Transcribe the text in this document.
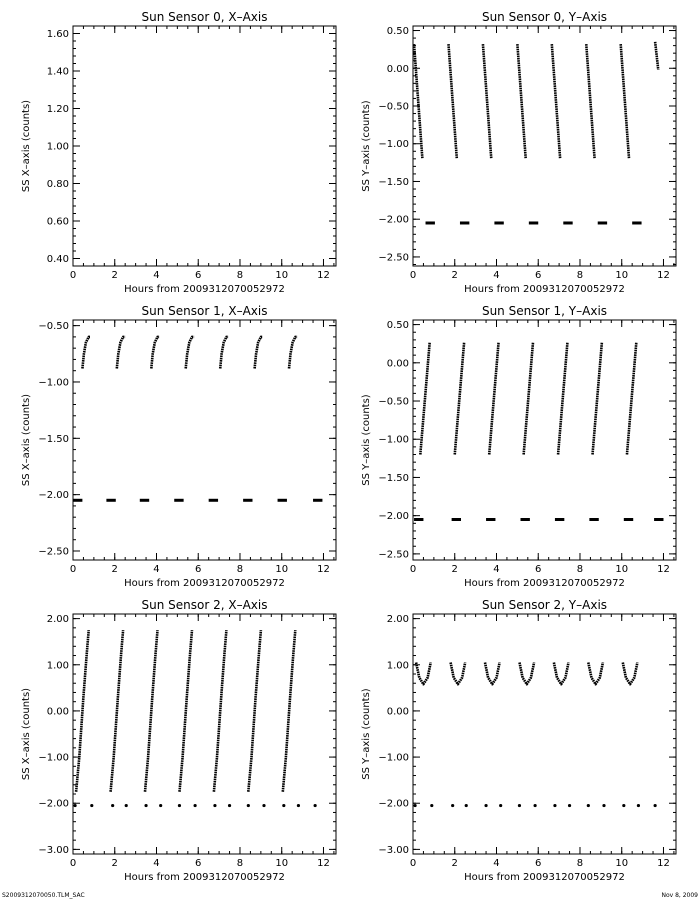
Sun Sensor 0, X–Axis
Hours from 2009312070052972
SS X–axis (counts)
0	2	4	6	8	10	12
0.40
0.60
0.80
1.00
1.20
1.40
1.60
Sun Sensor 0, Y–Axis
Hours from 2009312070052972
SS Y–axis (counts)
0	2	4	6	8	10	12
−2.50
−2.00
−1.50
−1.00
−0.50
0.00
0.50
Sun Sensor 1, X–Axis
Hours from 2009312070052972
SS X–axis (counts)
0	2	4	6	8	10	12
−2.50
−2.00
−1.50
−1.00
−0.50
Sun Sensor 1, Y–Axis
Hours from 2009312070052972
SS Y–axis (counts)
0	2	4	6	8	10	12
−2.50
−2.00
−1.50
−1.00
−0.50
0.00
0.50
Sun Sensor 2, X–Axis
Hours from 2009312070052972
SS X–axis (counts)
0	2	4	6	8	10	12
−3.00
−2.00
−1.00
0.00
1.00
2.00
Sun Sensor 2, Y–Axis
Hours from 2009312070052972
SS Y–axis (counts)
0	2	4	6	8	10	12
−3.00
−2.00
−1.00
0.00
1.00
2.00
S2009312070050.TLM_SAC	Nov 8, 2009
